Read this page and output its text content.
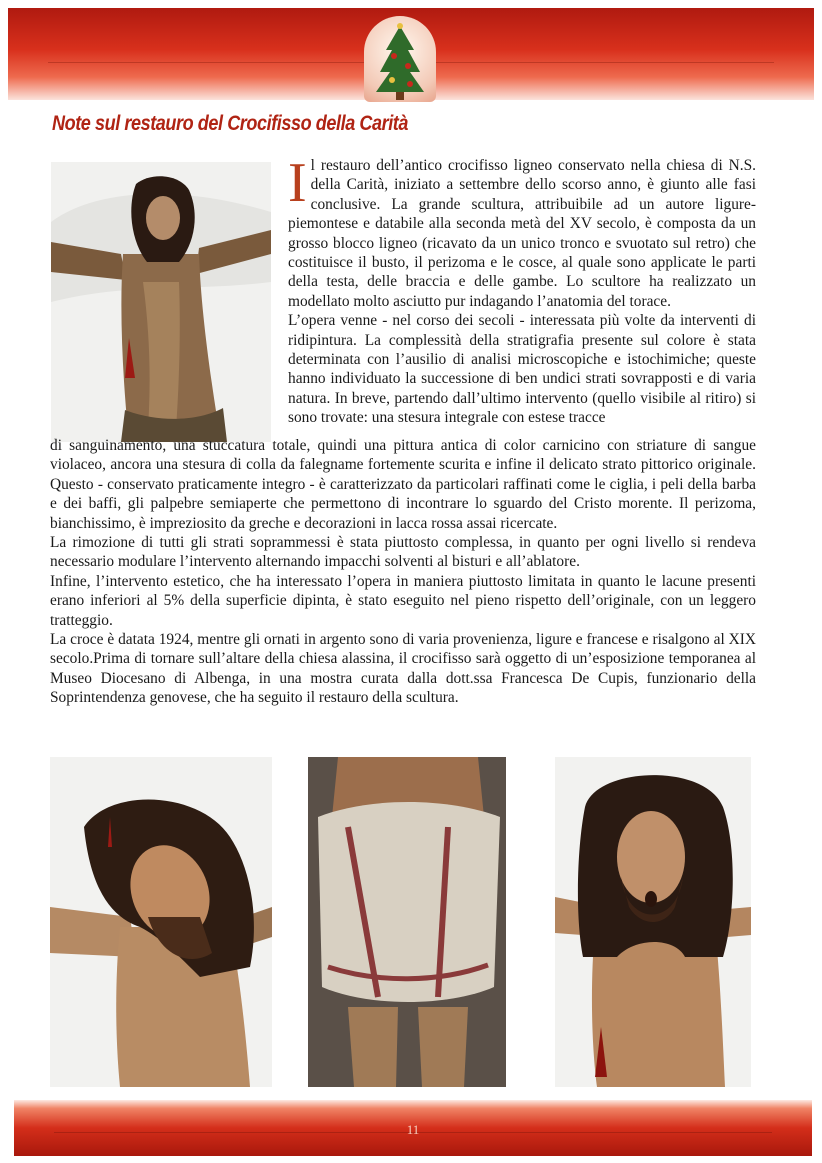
Note sul restauro del Crocifisso della Carità

Il restauro dell’antico crocifisso ligneo conservato nella chiesa di N.S. della Carità, iniziato a settembre dello scorso anno, è giunto alle fasi conclusive. La grande scultura, attribuibile ad un autore ligure-piemontese e databile alla seconda metà del XV secolo, è composta da un grosso blocco ligneo (ricavato da un unico tronco e svuotato sul retro) che costituisce il busto, il perizoma e le cosce, al quale sono applicate le parti della testa, delle braccia e delle gambe. Lo scultore ha realizzato un modellato molto asciutto pur indagando l’anatomia del torace.
L’opera venne - nel corso dei secoli - interessata più volte da interventi di ridipintura. La complessità della stratigrafia presente sul colore è stata determinata con l’ausilio di analisi microscopiche e istochimiche; queste hanno individuato la successione di ben undici strati sovrapposti e di varia natura. In breve, partendo dall’ultimo intervento (quello visibile al ritiro) si sono trovate: una stesura integrale con estese tracce

di sanguinamento, una stuccatura totale, quindi una pittura antica di color carnicino con striature di sangue violaceo, ancora una stesura di colla da falegname fortemente scurita e infine il delicato strato pittorico originale. Questo - conservato praticamente integro - è caratterizzato da particolari raffinati come le ciglia, i peli della barba e dei baffi, gli palpebre semiaperte che permettono di incontrare lo sguardo del Cristo morente. Il perizoma, bianchissimo, è impreziosito da greche e decorazioni in lacca rossa assai ricercate.
La rimozione di tutti gli strati soprammessi è stata piuttosto complessa, in quanto per ogni livello si rendeva necessario modulare l’intervento alternando impacchi solventi al bisturi e all’ablatore.
Infine, l’intervento estetico, che ha interessato l’opera in maniera piuttosto limitata in quanto le lacune presenti erano inferiori al 5% della superficie dipinta, è stato eseguito nel pieno rispetto dell’originale, con un leggero tratteggio.
La croce è datata 1924, mentre gli ornati in argento sono di varia provenienza, ligure e francese e risalgono al XIX secolo.Prima di tornare sull’altare della chiesa alassina, il crocifisso sarà oggetto di un’esposizione temporanea al Museo Diocesano di Albenga, in una mostra curata dalla dott.ssa Francesca De Cupis, funzionario della Soprintendenza genovese, che ha seguito il restauro della scultura.
11
